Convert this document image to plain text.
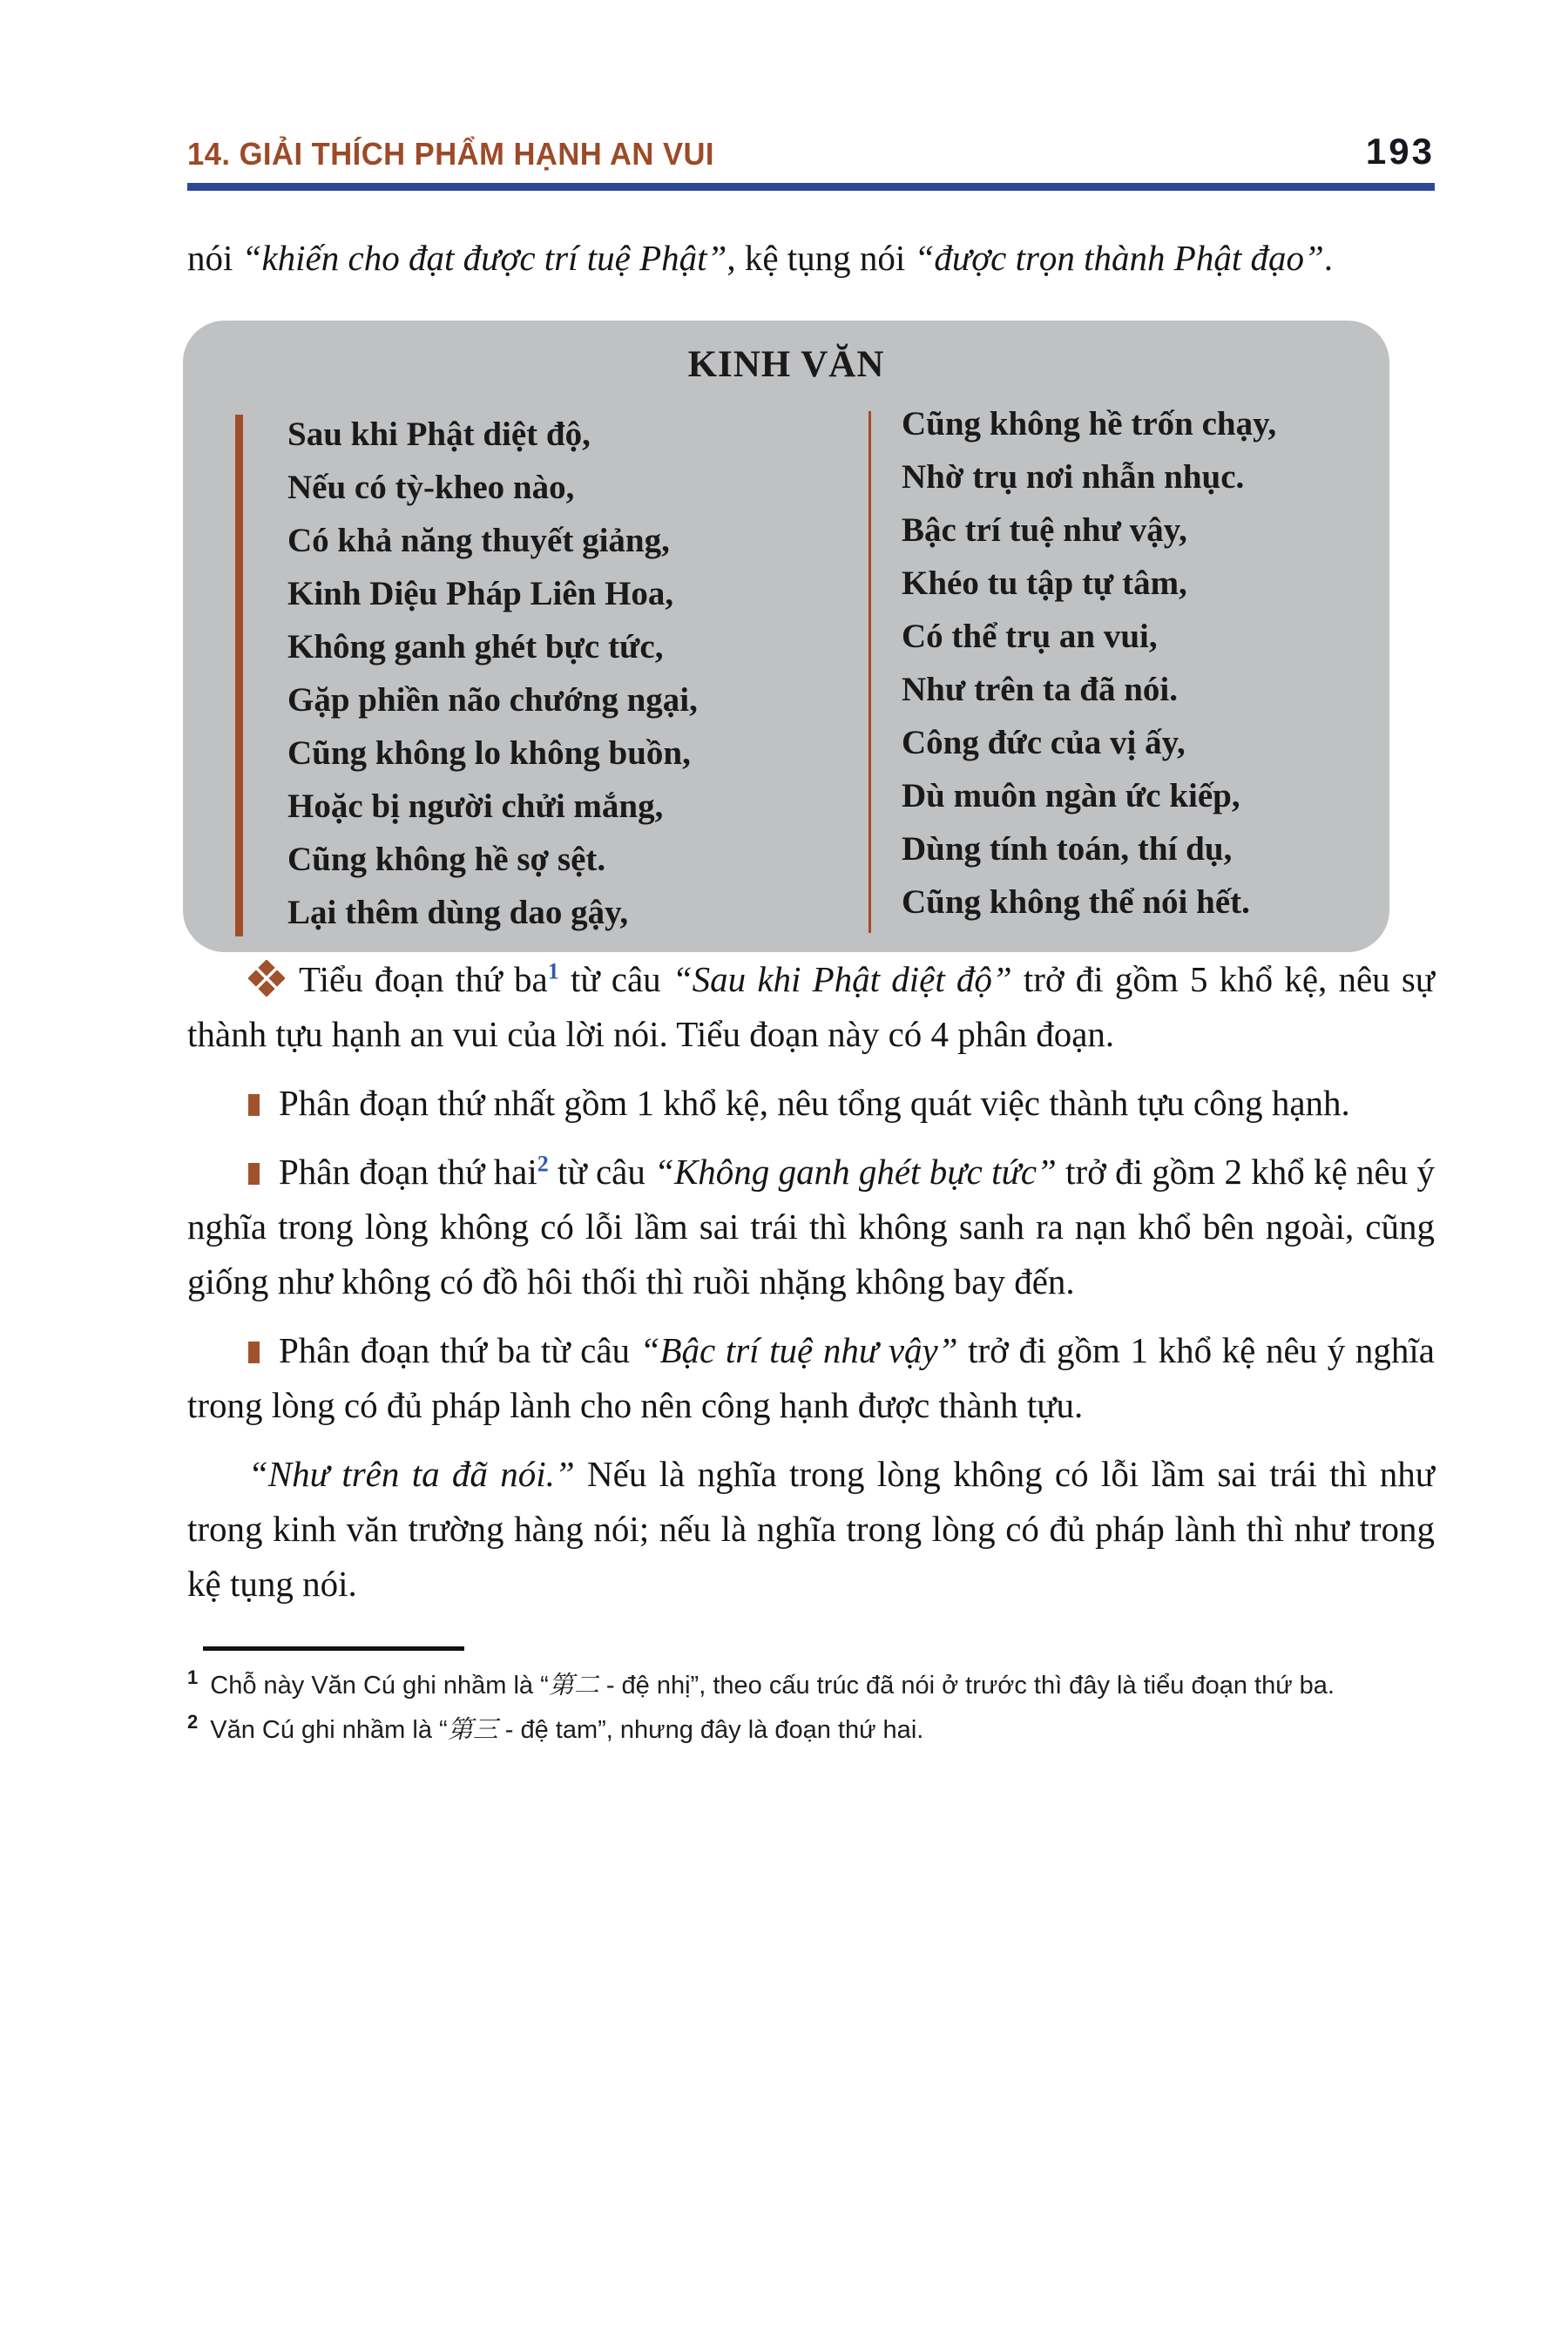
14. GIẢI THÍCH PHẨM HẠNH AN VUI	193

nói “khiến cho đạt được trí tuệ Phật”, kệ tụng nói “được trọn thành Phật đạo”.

KINH VĂN
Sau khi Phật diệt độ,
Nếu có tỳ-kheo nào,
Có khả năng thuyết giảng,
Kinh Diệu Pháp Liên Hoa,
Không ganh ghét bực tức,
Gặp phiền não chướng ngại,
Cũng không lo không buồn,
Hoặc bị người chửi mắng,
Cũng không hề sợ sệt.
Lại thêm dùng dao gậy,
Cũng không hề trốn chạy,
Nhờ trụ nơi nhẫn nhục.
Bậc trí tuệ như vậy,
Khéo tu tập tự tâm,
Có thể trụ an vui,
Như trên ta đã nói.
Công đức của vị ấy,
Dù muôn ngàn ức kiếp,
Dùng tính toán, thí dụ,
Cũng không thể nói hết.

Tiểu đoạn thứ ba$^1$ từ câu “Sau khi Phật diệt độ” trở đi gồm 5 khổ kệ, nêu sự thành tựu hạnh an vui của lời nói. Tiểu đoạn này có 4 phân đoạn.

Phân đoạn thứ nhất gồm 1 khổ kệ, nêu tổng quát việc thành tựu công hạnh.

Phân đoạn thứ hai$^2$ từ câu “Không ganh ghét bực tức” trở đi gồm 2 khổ kệ nêu ý nghĩa trong lòng không có lỗi lầm sai trái thì không sanh ra nạn khổ bên ngoài, cũng giống như không có đồ hôi thối thì ruồi nhặng không bay đến.

Phân đoạn thứ ba từ câu “Bậc trí tuệ như vậy” trở đi gồm 1 khổ kệ nêu ý nghĩa trong lòng có đủ pháp lành cho nên công hạnh được thành tựu.

“Như trên ta đã nói.” Nếu là nghĩa trong lòng không có lỗi lầm sai trái thì như trong kinh văn trường hàng nói; nếu là nghĩa trong lòng có đủ pháp lành thì như trong kệ tụng nói.

$^1$ Chỗ này Văn Cú ghi nhầm là “第二 - đệ nhị”, theo cấu trúc đã nói ở trước thì đây là tiểu đoạn thứ ba.

$^2$ Văn Cú ghi nhầm là “第三 - đệ tam”, nhưng đây là đoạn thứ hai.
